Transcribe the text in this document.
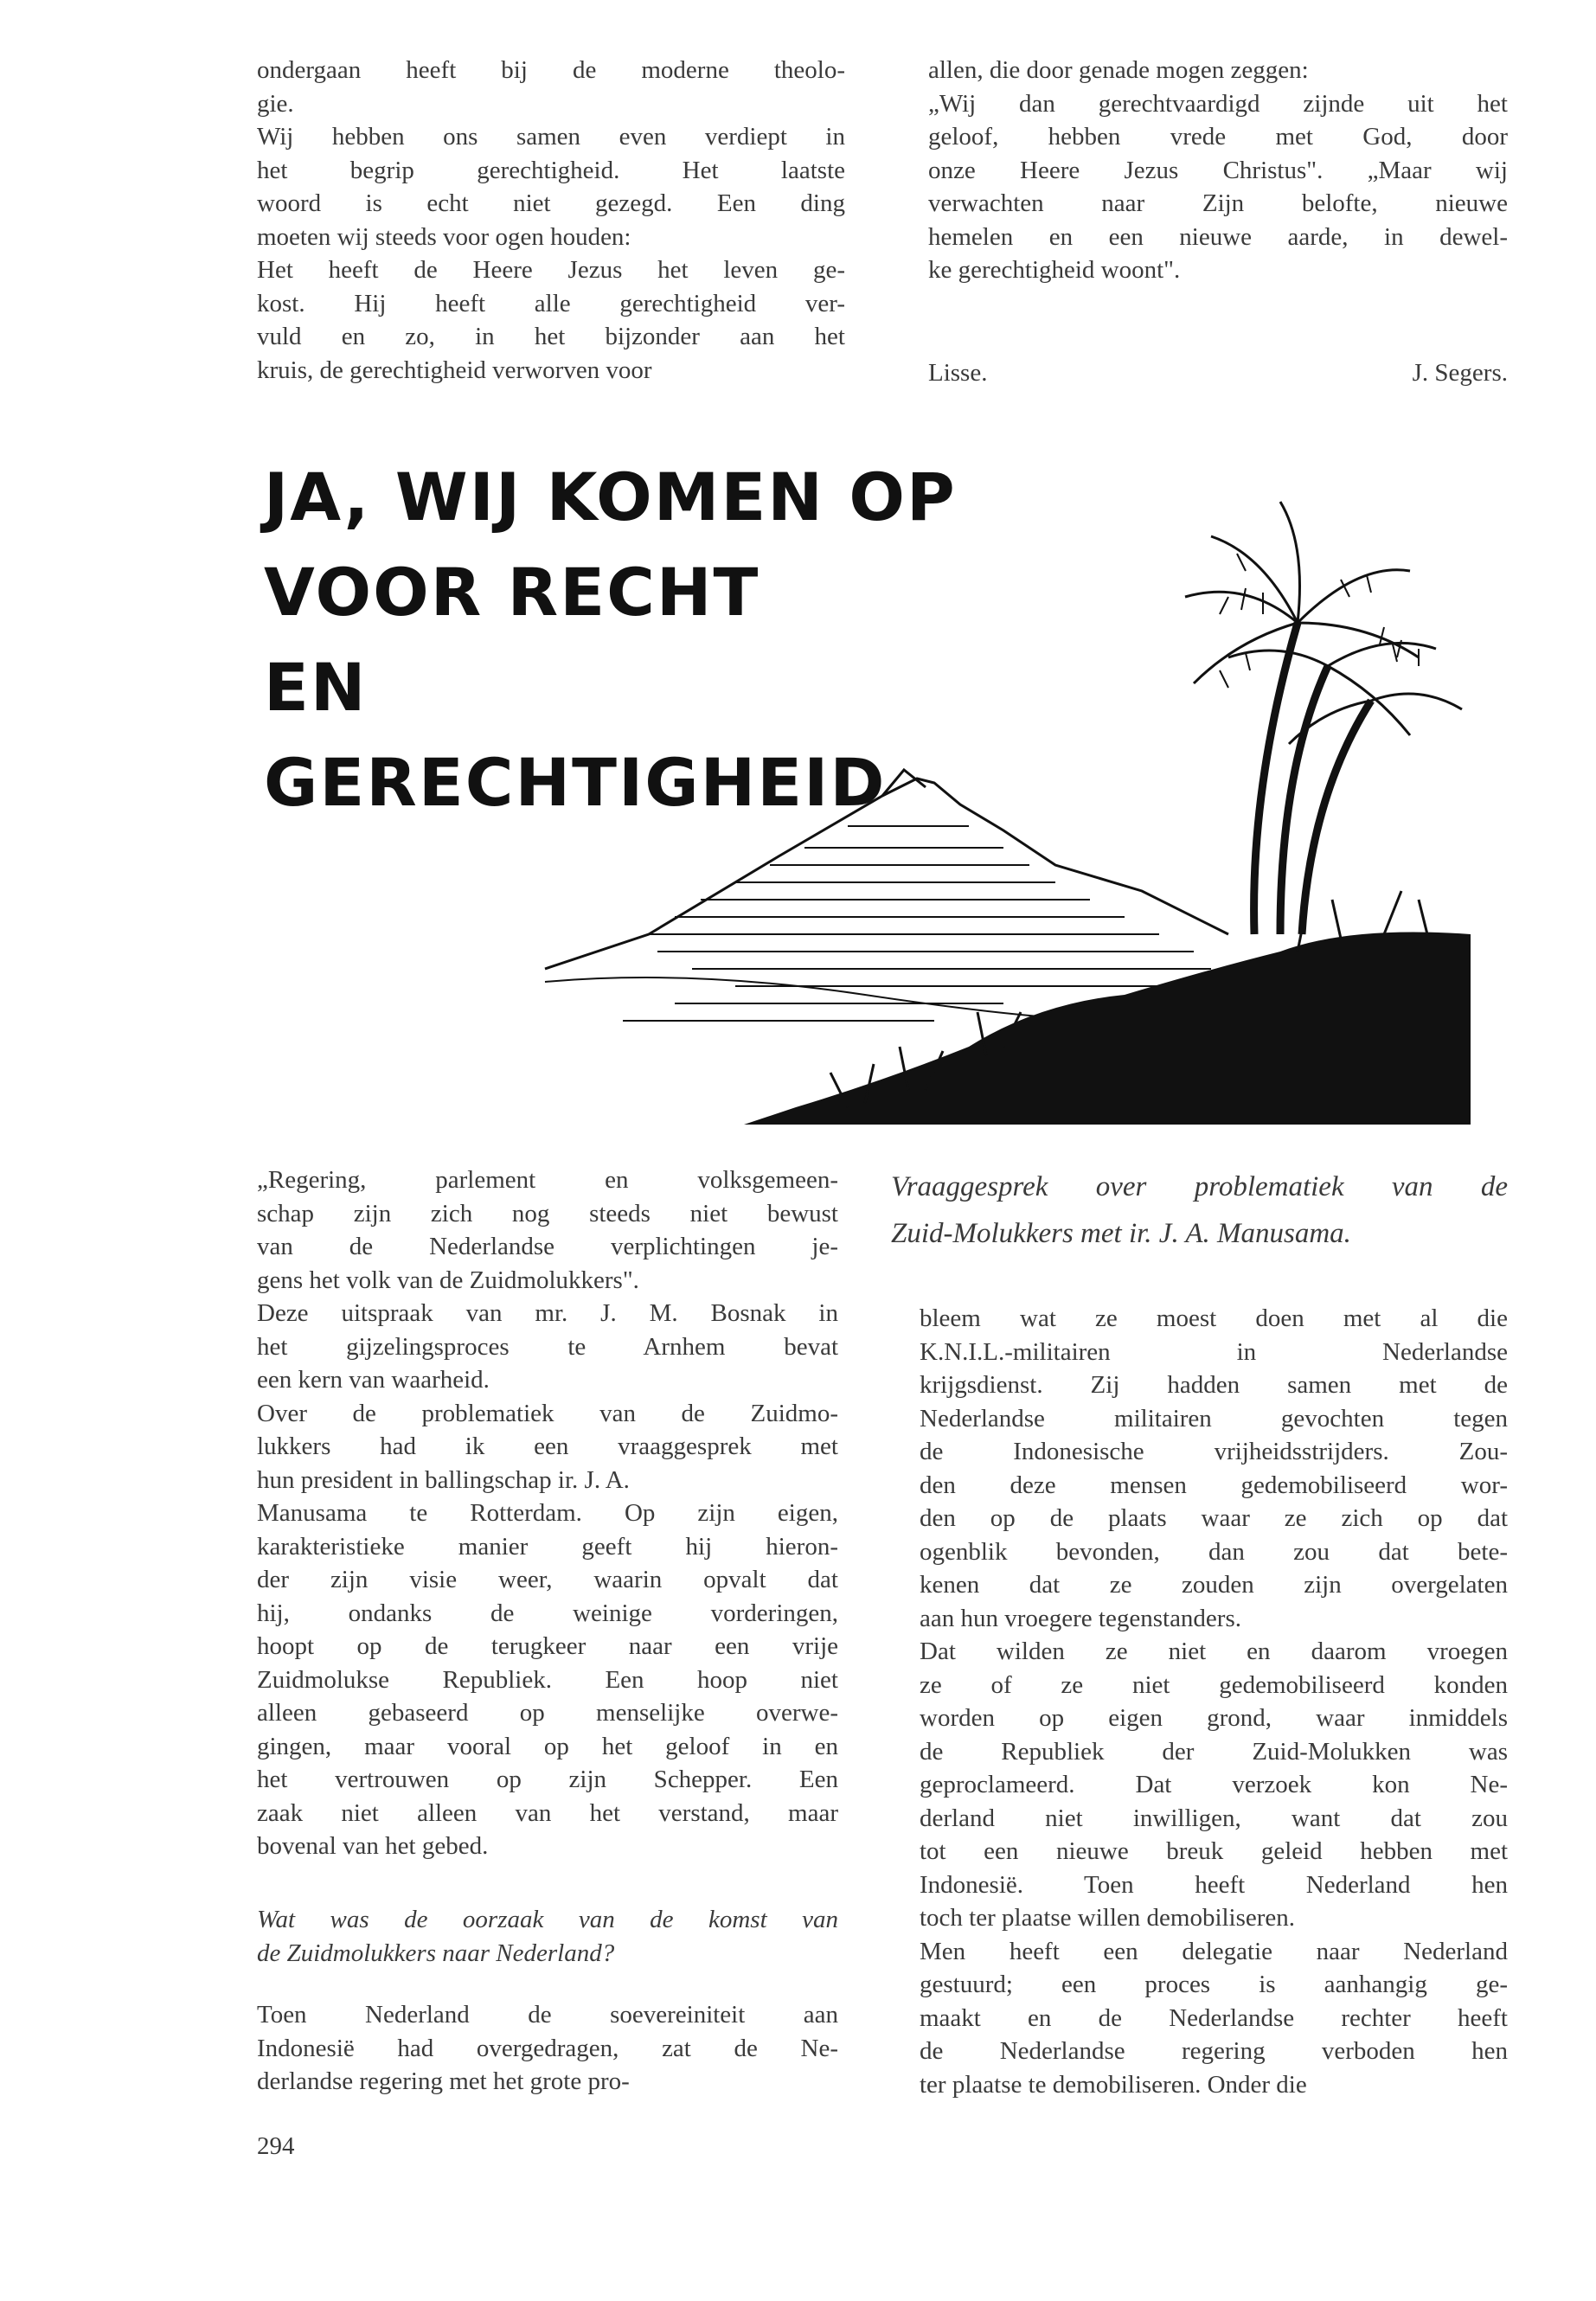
ondergaan heeft bij de moderne theolo-
gie.
Wij hebben ons samen even verdiept in
het begrip gerechtigheid. Het laatste
woord is echt niet gezegd. Een ding
moeten wij steeds voor ogen houden:
Het heeft de Heere Jezus het leven ge-
kost. Hij heeft alle gerechtigheid ver-
vuld en zo, in het bijzonder aan het
kruis, de gerechtigheid verworven voor
allen, die door genade mogen zeggen:
„Wij dan gerechtvaardigd zijnde uit het
geloof, hebben vrede met God, door
onze Heere Jezus Christus". „Maar wij
verwachten naar Zijn belofte, nieuwe
hemelen en een nieuwe aarde, in dewel-
ke gerechtigheid woont".
Lisse.	J. Segers.
JA, WIJ KOMEN OP
VOOR RECHT
EN
GERECHTIGHEID
„Regering, parlement en volksgemeen-
schap zijn zich nog steeds niet bewust
van de Nederlandse verplichtingen je-
gens het volk van de Zuidmolukkers".
Deze uitspraak van mr. J. M. Bosnak in
het gijzelingsproces te Arnhem bevat
een kern van waarheid.
Over de problematiek van de Zuidmo-
lukkers had ik een vraaggesprek met
hun president in ballingschap ir. J. A.
Manusama te Rotterdam. Op zijn eigen,
karakteristieke manier geeft hij hieron-
der zijn visie weer, waarin opvalt dat
hij, ondanks de weinige vorderingen,
hoopt op de terugkeer naar een vrije
Zuidmolukse Republiek. Een hoop niet
alleen gebaseerd op menselijke overwe-
gingen, maar vooral op het geloof in en
het vertrouwen op zijn Schepper. Een
zaak niet alleen van het verstand, maar
bovenal van het gebed.
Wat was de oorzaak van de komst van
de Zuidmolukkers naar Nederland?
Toen Nederland de soevereiniteit aan
Indonesië had overgedragen, zat de Ne-
derlandse regering met het grote pro-
Vraaggesprek over problematiek van de
Zuid-Molukkers met ir. J. A. Manusama.
bleem wat ze moest doen met al die
K.N.I.L.-militairen in Nederlandse
krijgsdienst. Zij hadden samen met de
Nederlandse militairen gevochten tegen
de Indonesische vrijheidsstrijders. Zou-
den deze mensen gedemobiliseerd wor-
den op de plaats waar ze zich op dat
ogenblik bevonden, dan zou dat bete-
kenen dat ze zouden zijn overgelaten
aan hun vroegere tegenstanders.
Dat wilden ze niet en daarom vroegen
ze of ze niet gedemobiliseerd konden
worden op eigen grond, waar inmiddels
de Republiek der Zuid-Molukken was
geproclameerd. Dat verzoek kon Ne-
derland niet inwilligen, want dat zou
tot een nieuwe breuk geleid hebben met
Indonesië. Toen heeft Nederland hen
toch ter plaatse willen demobiliseren.
Men heeft een delegatie naar Nederland
gestuurd; een proces is aanhangig ge-
maakt en de Nederlandse rechter heeft
de Nederlandse regering verboden hen
ter plaatse te demobiliseren. Onder die
294
